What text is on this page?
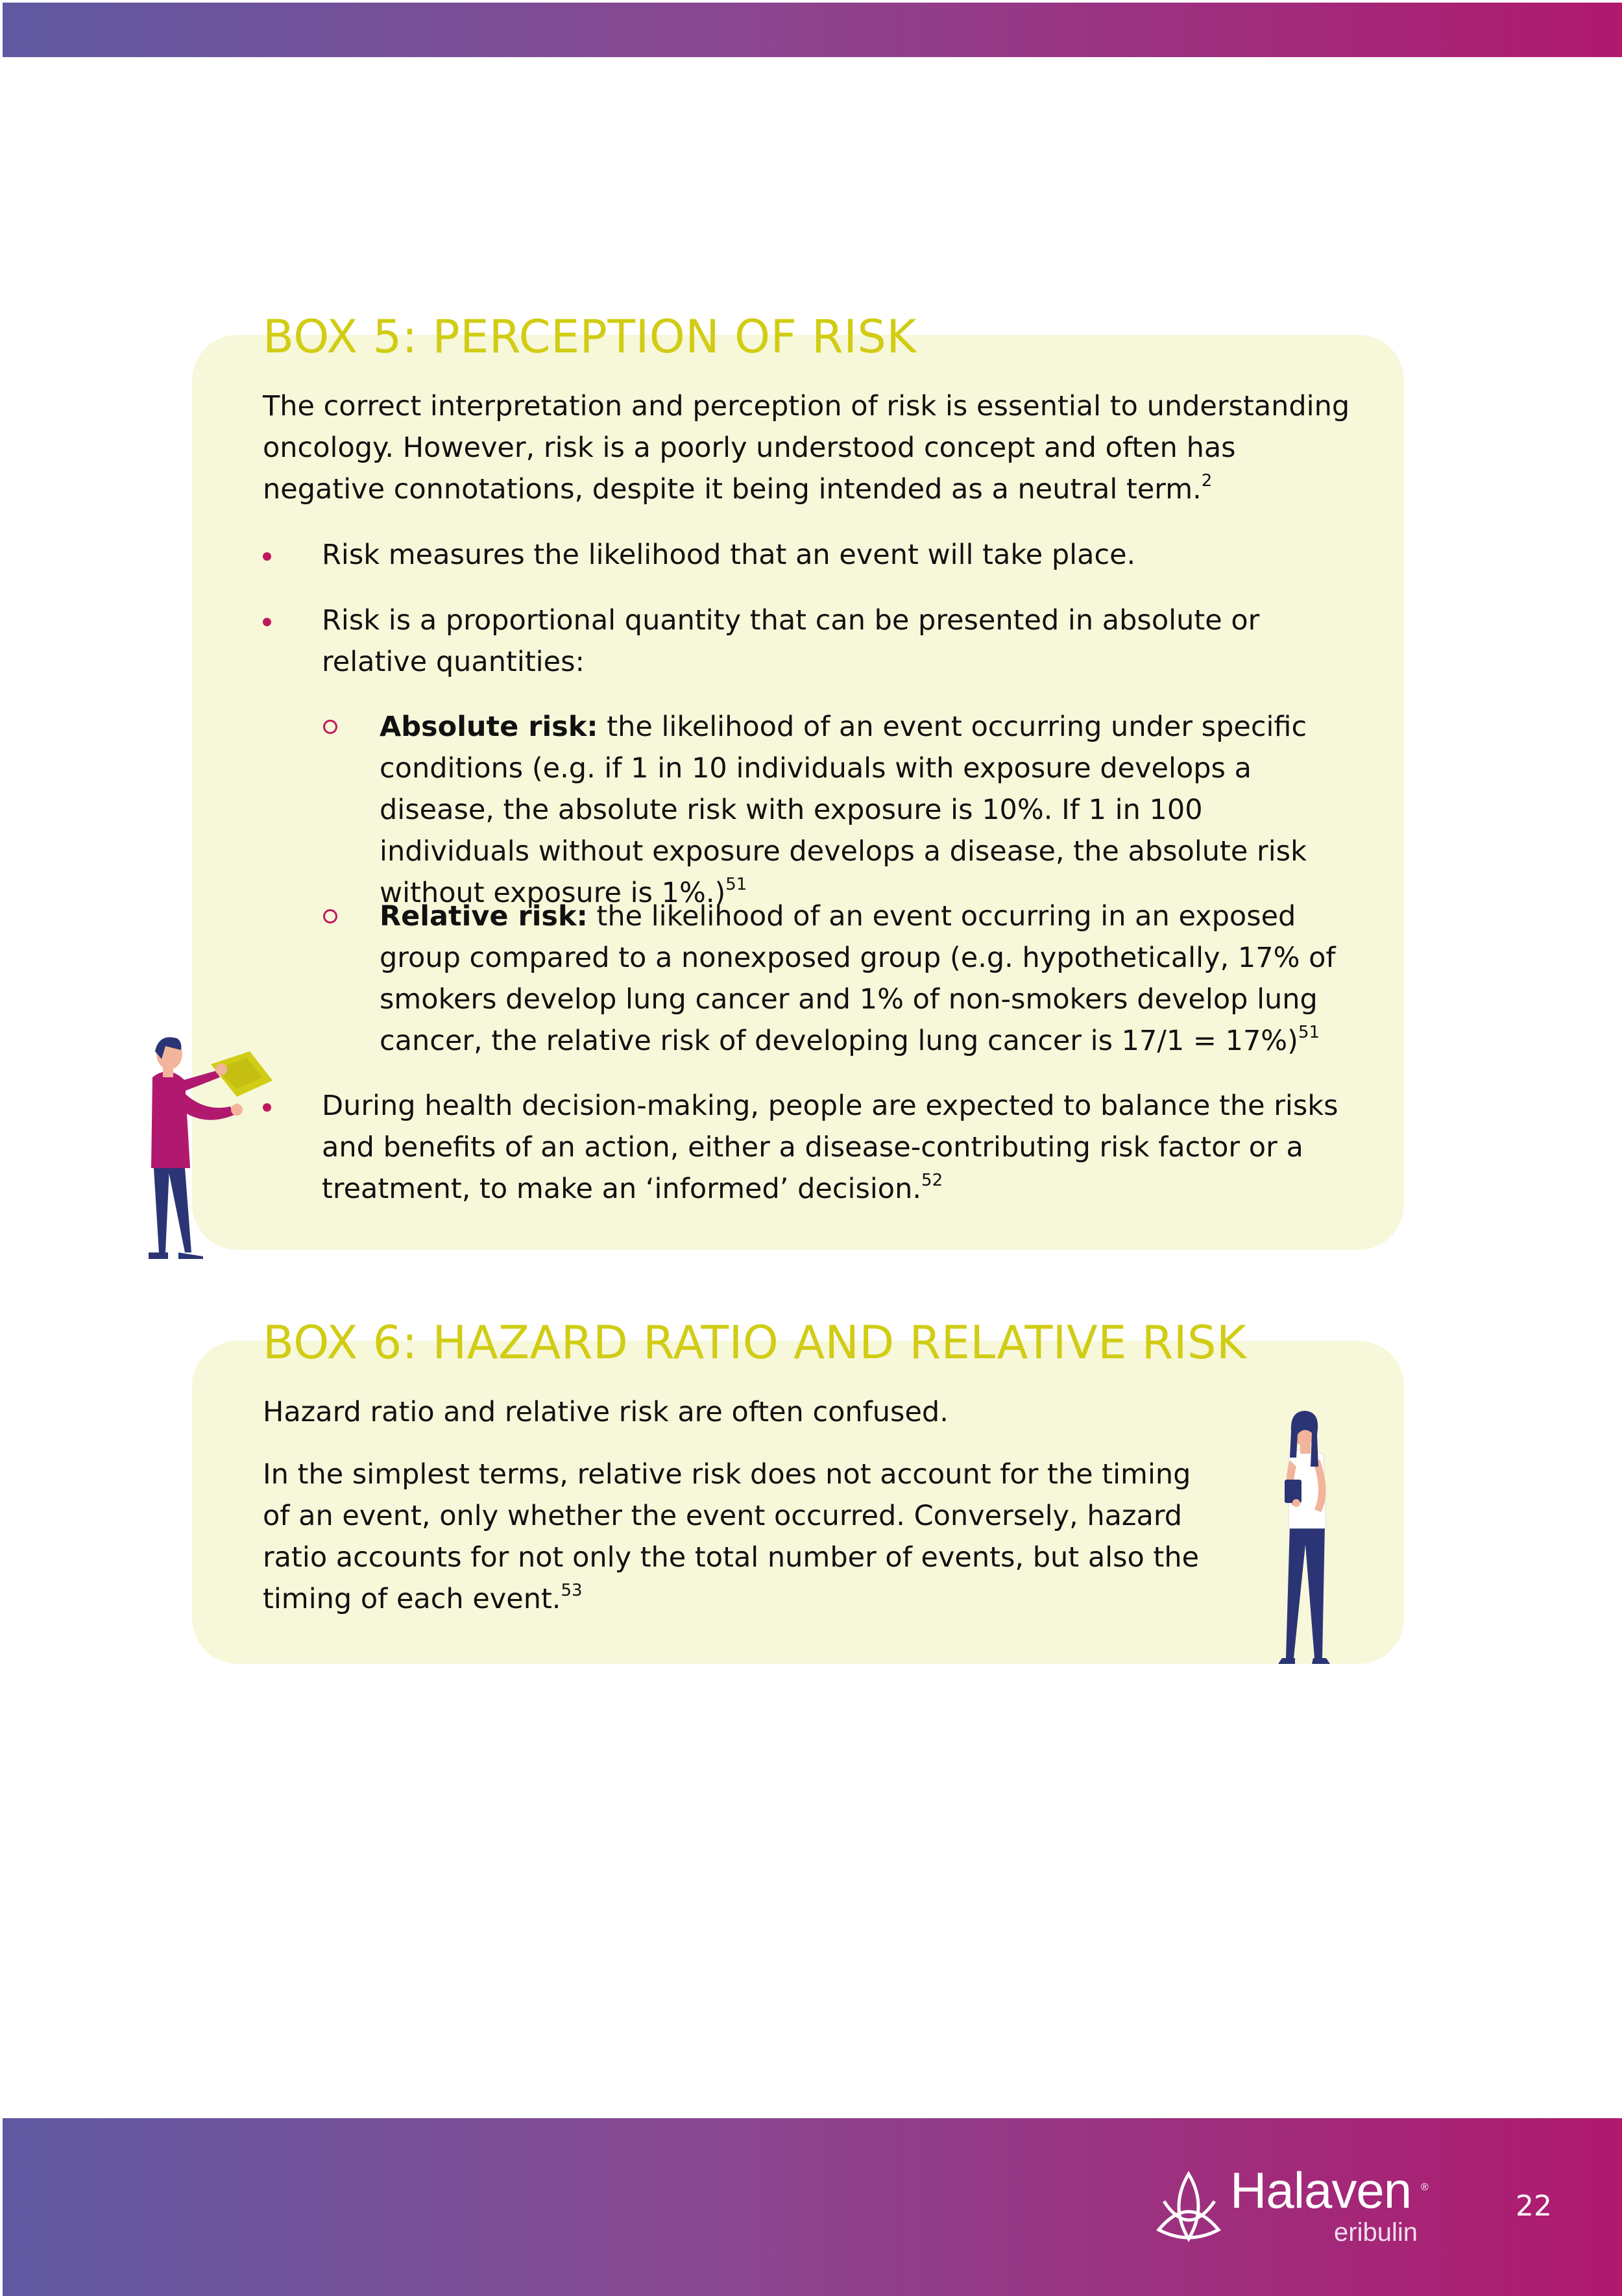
BOX 5: PERCEPTION OF RISK

The correct interpretation and perception of risk is essential to understanding oncology. However, risk is a poorly understood concept and often has negative connotations, despite it being intended as a neutral term.$^2$

Risk measures the likelihood that an event will take place.

Risk is a proportional quantity that can be presented in absolute or relative quantities:

Absolute risk: the likelihood of an event occurring under specific conditions (e.g. if 1 in 10 individuals with exposure develops a disease, the absolute risk with exposure is 10%. If 1 in 100 individuals without exposure develops a disease, the absolute risk without exposure is 1%.)$^{51}$

Relative risk: the likelihood of an event occurring in an exposed group compared to a nonexposed group (e.g. hypothetically, 17% of smokers develop lung cancer and 1% of non-smokers develop lung cancer, the relative risk of developing lung cancer is 17/1 = 17%)$^{51}$

During health decision-making, people are expected to balance the risks and benefits of an action, either a disease-contributing risk factor or a treatment, to make an ‘informed’ decision.$^{52}$

BOX 6: HAZARD RATIO AND RELATIVE RISK

Hazard ratio and relative risk are often confused.

In the simplest terms, relative risk does not account for the timing of an event, only whether the event occurred. Conversely, hazard ratio accounts for not only the total number of events, but also the timing of each event.$^{53}$

Halaven ®
eribulin
22
